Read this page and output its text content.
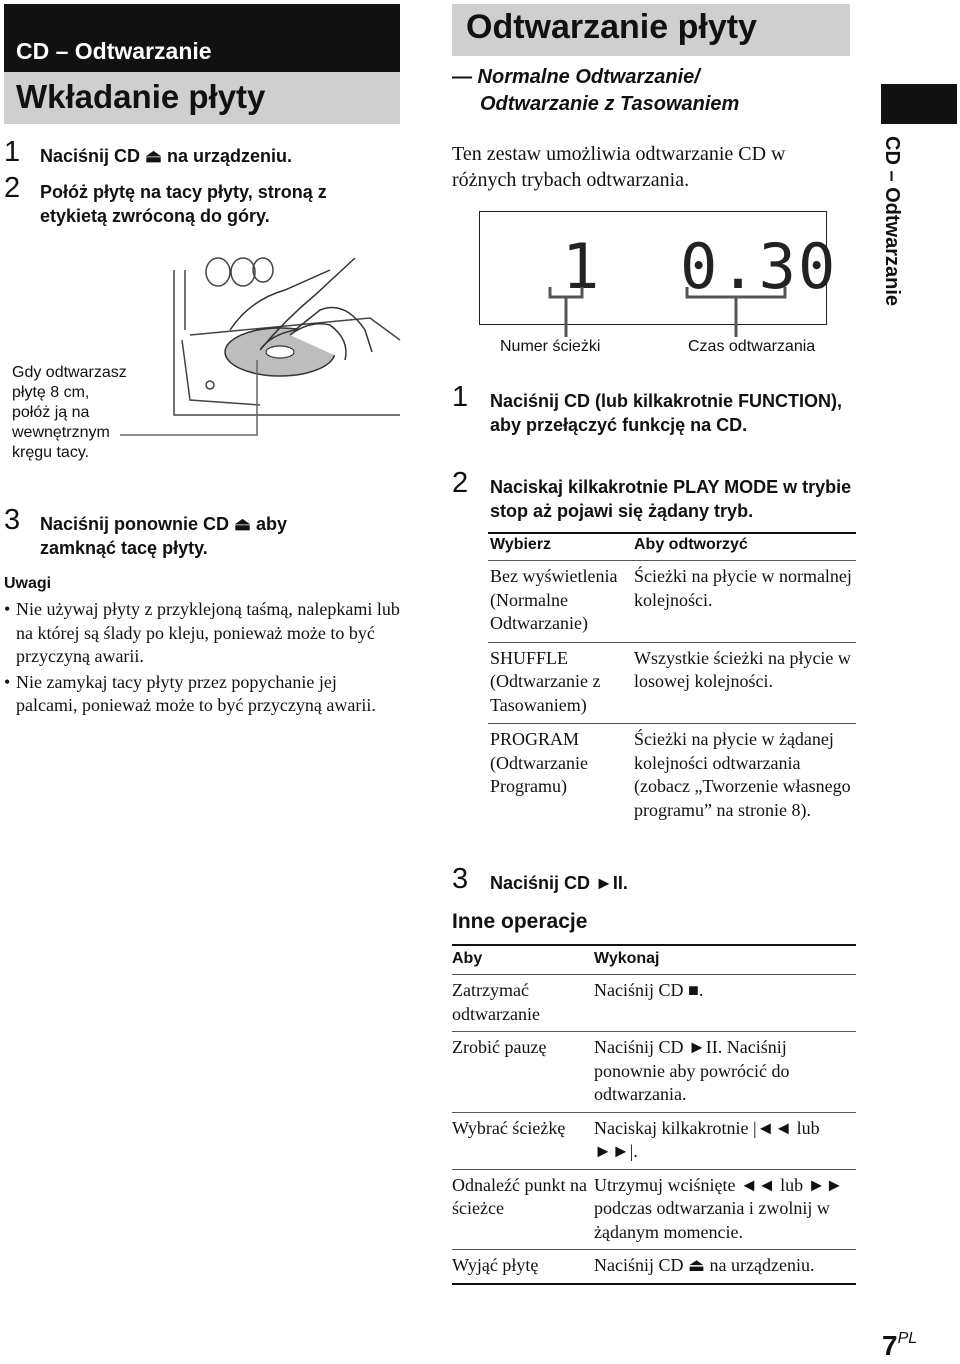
CD – Odtwarzanie
Wkładanie płyty
1 Naciśnij CD ⏏ na urządzeniu.
2 Połóż płytę na tacy płyty, stroną z etykietą zwróconą do góry.
Gdy odtwarzasz płytę 8 cm, połóż ją na wewnętrznym kręgu tacy.
3 Naciśnij ponownie CD ⏏ aby zamknąć tacę płyty.
Uwagi
• Nie używaj płyty z przyklejoną taśmą, nalepkami lub na której są ślady po kleju, ponieważ może to być przyczyną awarii.
• Nie zamykaj tacy płyty przez popychanie jej palcami, ponieważ może to być przyczyną awarii.
Odtwarzanie płyty
— Normalne Odtwarzanie/
Odtwarzanie z Tasowaniem
CD – Odtwarzanie
Ten zestaw umożliwia odtwarzanie CD w różnych trybach odtwarzania.
1 0.30
Numer ścieżki	Czas odtwarzania
1 Naciśnij CD (lub kilkakrotnie FUNCTION), aby przełączyć funkcję na CD.
2 Naciskaj kilkakrotnie PLAY MODE w trybie stop aż pojawi się żądany tryb.
Wybierz	Aby odtworzyć
Bez wyświetlenia (Normalne Odtwarzanie)	Ścieżki na płycie w normalnej kolejności.
SHUFFLE (Odtwarzanie z Tasowaniem)	Wszystkie ścieżki na płycie w losowej kolejności.
PROGRAM (Odtwarzanie Programu)	Ścieżki na płycie w żądanej kolejności odtwarzania (zobacz „Tworzenie własnego programu” na stronie 8).
3 Naciśnij CD ►II.
Inne operacje
Aby	Wykonaj
Zatrzymać odtwarzanie	Naciśnij CD ■.
Zrobić pauzę	Naciśnij CD ►II. Naciśnij ponownie aby powrócić do odtwarzania.
Wybrać ścieżkę	Naciskaj kilkakrotnie |◄◄ lub ►►|.
Odnaleźć punkt na ścieżce	Utrzymuj wciśnięte ◄◄ lub ►► podczas odtwarzania i zwolnij w żądanym momencie.
Wyjąć płytę	Naciśnij CD ⏏ na urządzeniu.
$7^{PL}$
